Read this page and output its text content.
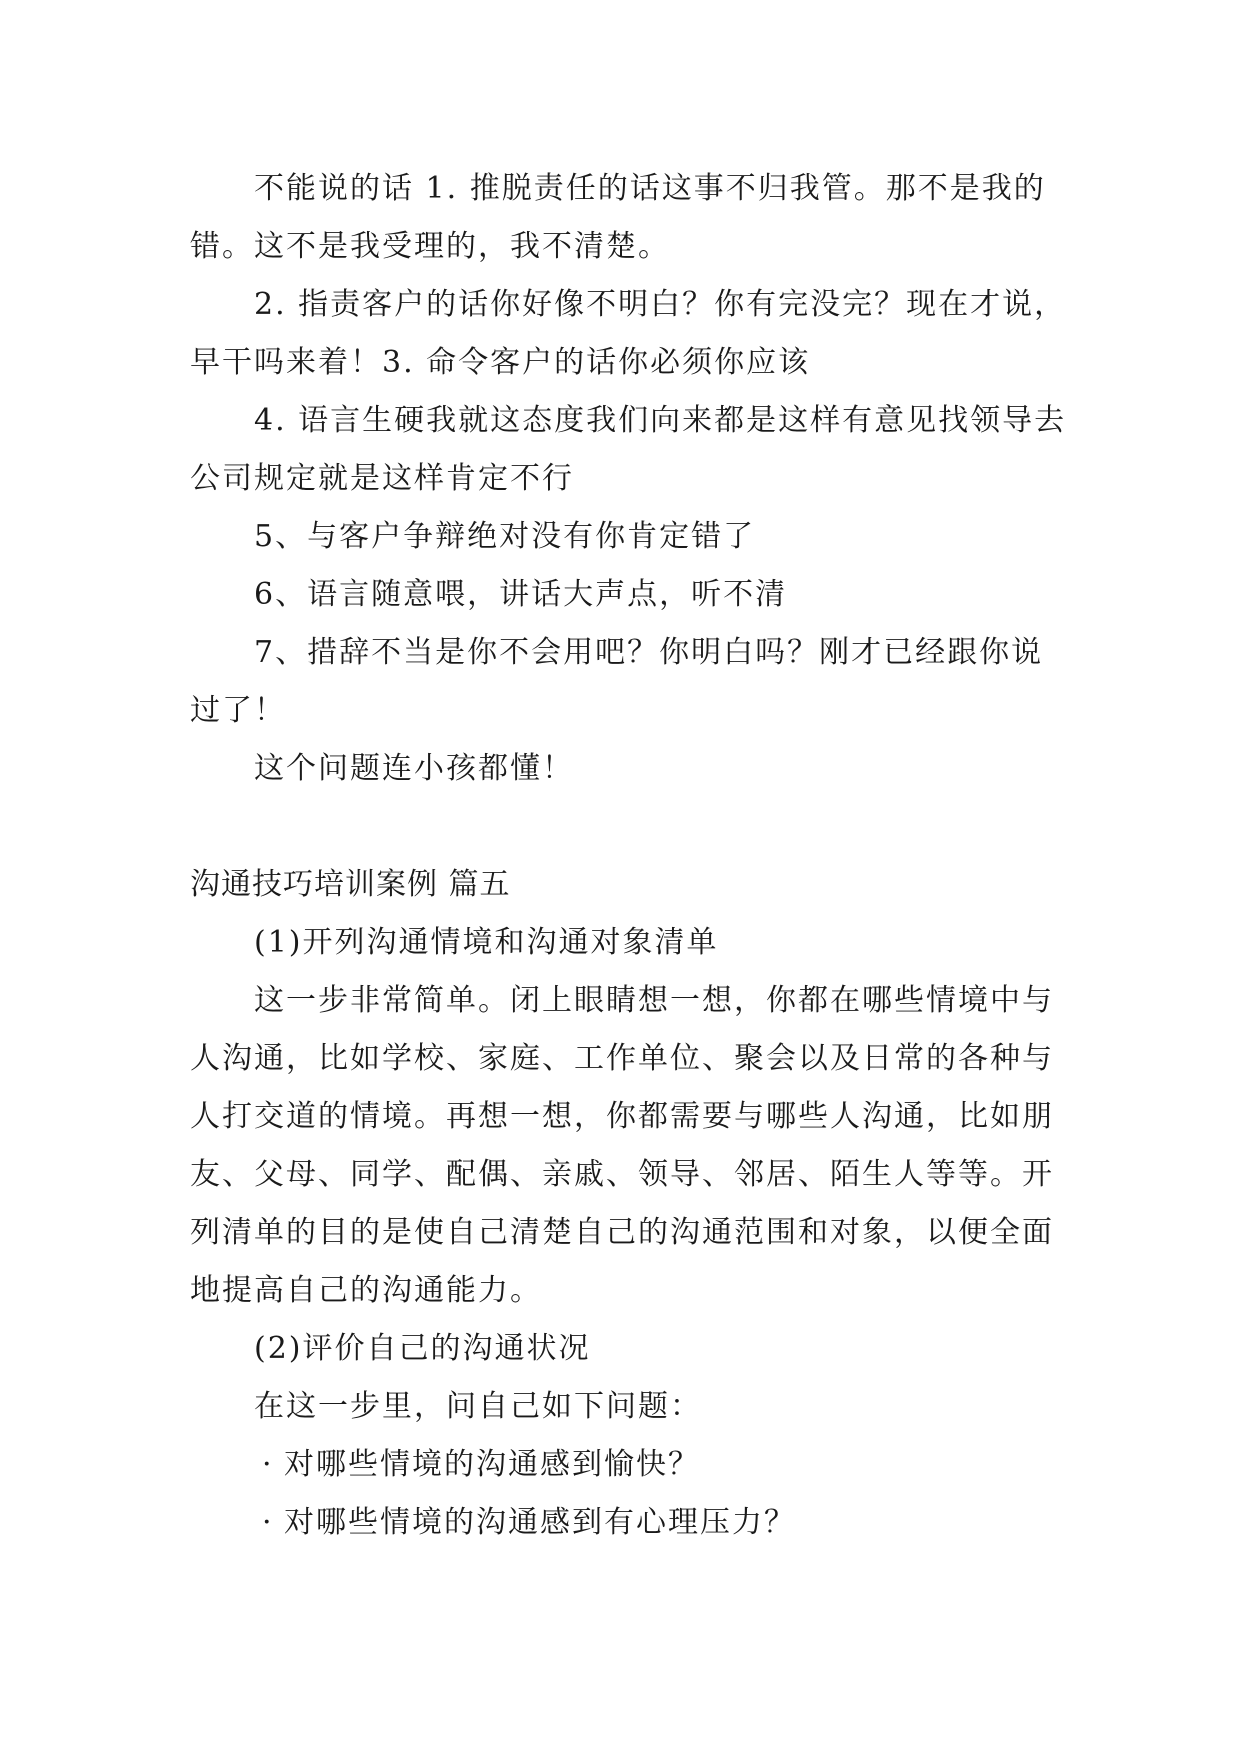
不能说的话 1. 推脱责任的话这事不归我管。那不是我的错。这不是我受理的，我不清楚。

2. 指责客户的话你好像不明白？你有完没完？现在才说，早干吗来着！3. 命令客户的话你必须你应该

4. 语言生硬我就这态度我们向来都是这样有意见找领导去公司规定就是这样肯定不行

5、与客户争辩绝对没有你肯定错了

6、语言随意喂，讲话大声点，听不清

7、措辞不当是你不会用吧？你明白吗？刚才已经跟你说过了！

这个问题连小孩都懂！

沟通技巧培训案例 篇五

(1)开列沟通情境和沟通对象清单

这一步非常简单。闭上眼睛想一想，你都在哪些情境中与人沟通，比如学校、家庭、工作单位、聚会以及日常的各种与人打交道的情境。再想一想，你都需要与哪些人沟通，比如朋友、父母、同学、配偶、亲戚、领导、邻居、陌生人等等。开列清单的目的是使自己清楚自己的沟通范围和对象，以便全面地提高自己的沟通能力。

(2)评价自己的沟通状况

在这一步里，问自己如下问题：

· 对哪些情境的沟通感到愉快？

· 对哪些情境的沟通感到有心理压力？
